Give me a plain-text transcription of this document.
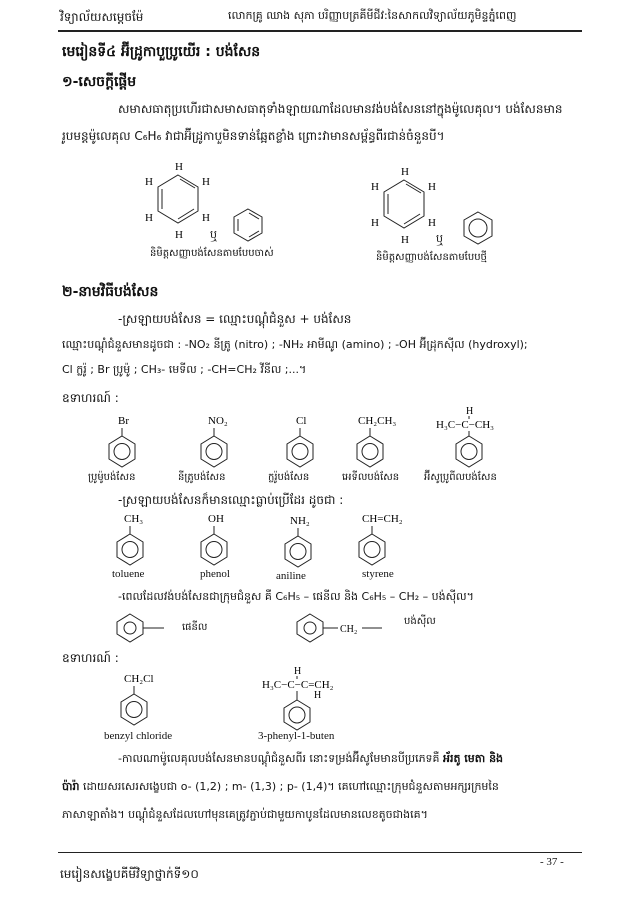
វិទ្យាល័យសម្ដេចម៉ែ	លោកគ្រូ ឈាង សុភា បរិញ្ញាបត្រគីមីជីវ:នៃសាកលវិទ្យាល័យភូមិន្ទភ្នំពេញ
មេរៀនទី៤ អ៊ីដ្រូកាបួប្រូយើរ : បង់សែន
១-សេចក្ដីផ្ដើម
សមាសធាតុប្រហើរជាសមាសធាតុទាំងឡាយណាដែលមានវង់បង់សែននៅក្នុងម៉ូលេគុល។ បង់សែនមាន
រូបមន្តម៉ូលេគុល C₆H₆ វាជាអ៊ីដ្រូកាបួមិនទាន់ឆ្អែតខ្លាំង ព្រោះវាមានសម្ព័ន្ធពីរជាន់ចំនួនបី។
H
H
H
H
H
H
ឬ
និមិត្តសញ្ញាបង់សែនតាមបែបចាស់
H
H
H
H
H
H
ឬ
និមិត្តសញ្ញាបង់សែនតាមបែបថ្មី
២-នាមវិធីបង់សែន
-ស្រឡាយបង់សែន = ឈ្មោះបណ្ដុំជំនួស + បង់សែន
ឈ្មោះបណ្ដុំជំនួសមានដូចជា : -NO₂ នីត្រូ (nitro) ; -NH₂ អាមីណូ (amino) ; -OH អ៊ីដ្រុកស៊ីល (hydroxyl);
Cl ក្លរ៉ូ ; Br ប្រូម៉ូ ; CH₃- មេទីល ; -CH=CH₂ វីនីល ;...។
ឧទាហរណ៍ :
Br
ប្រូម៉ូបង់សែន
NO₂
នីត្រូបង់សែន
Cl
ក្លរ៉ូបង់សែន
CH₂CH₃
អេទីលបង់សែន
H
H₃C−C−CH₃
អ៊ីសូប្រូពីលបង់សែន
-ស្រឡាយបង់សែនក៏មានឈ្មោះធ្លាប់ប្រើដែរ ដូចជា :
CH₃
toluene
OH
phenol
NH₂
aniline
CH=CH₂
styrene
-ពេលដែលវង់បង់សែនជាក្រុមជំនួស គឺ C₆H₅ – ផេនីល និង C₆H₅ – CH₂ – បង់ស៊ីល។
ផេនីល	CH₂
បង់ស៊ីល
ឧទាហរណ៍ :
CH₂Cl
benzyl chloride
H
H₃C−C−C=CH₂
H
3-phenyl-1-buten
-កាលណាម៉ូលេគុលបង់សែនមានបណ្ដុំជំនួសពីរ នោះទម្រង់អ៊ីសូមែមានបីប្រភេទគឺ អ័រតូ មេតា និង
ប៉ារ៉ា ដោយសរសេរសង្ខេបជា o- (1,2) ; m- (1,3) ; p- (1,4)។ គេហៅឈ្មោះក្រុមជំនួសតាមអក្សរក្រមនៃ
ភាសាឡាតាំង។ បណ្ដុំជំនួសដែលហៅមុនគេត្រូវភ្ជាប់ជាមួយកាបូនដែលមានលេខតូចជាងគេ។
មេរៀនសង្ខេបគីមីវិទ្យាថ្នាក់ទី១០
- 37 -
